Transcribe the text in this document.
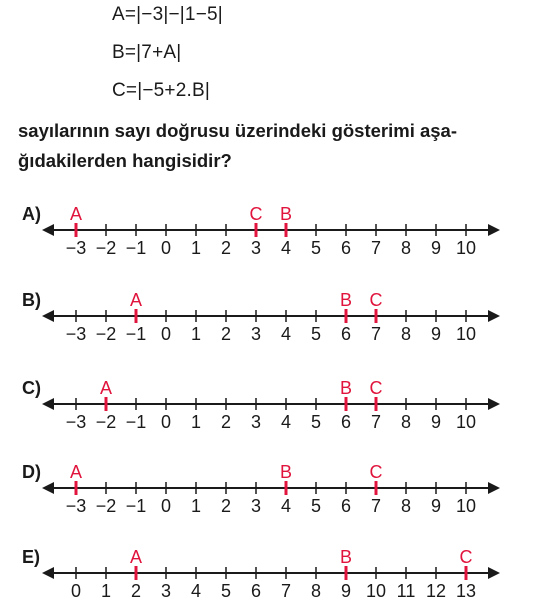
A=|−3|−|1−5|
B=|7+A|
C=|−5+2.B|
sayılarının sayı doğrusu üzerindeki gösterimi aşa-
ğıdakilerden hangisidir?
A)
−3 −2 −1 0 1 2 3 4 5 6 7 8 9 10
A	C B
B)
−3 −2 −1 0 1 2 3 4 5 6 7 8 9 10
A	B C
C)
−3 −2 −1 0 1 2 3 4 5 6 7 8 9 10
A	B C
D)
−3 −2 −1 0 1 2 3 4 5 6 7 8 9 10
A	B	C
E)
0 1 2 3 4 5 6 7 8 9 10 11 12 13
A	B	C
